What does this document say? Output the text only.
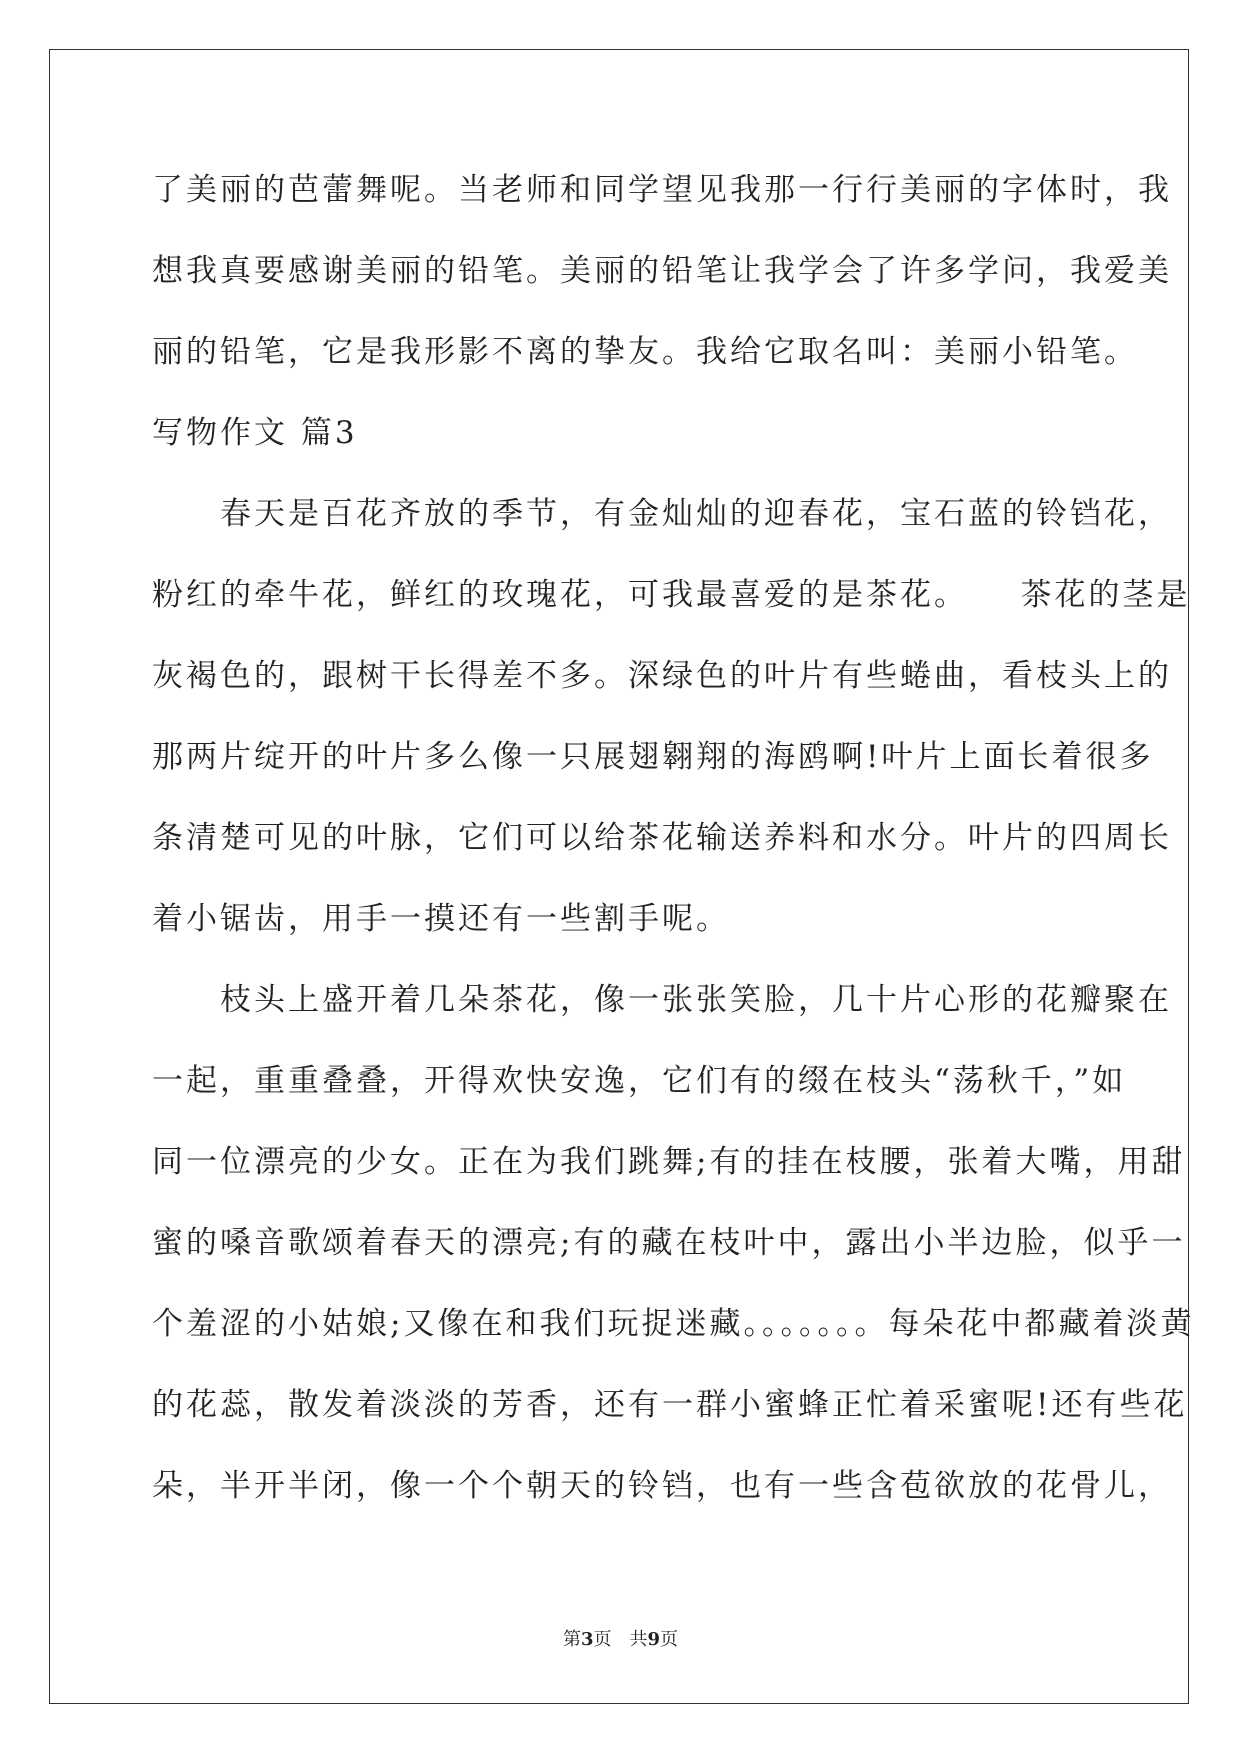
了美丽的芭蕾舞呢。当老师和同学望见我那一行行美丽的字体时，我
想我真要感谢美丽的铅笔。美丽的铅笔让我学会了许多学问，我爱美
丽的铅笔，它是我形影不离的挚友。我给它取名叫：美丽小铅笔。
写物作文 篇3
　　春天是百花齐放的季节，有金灿灿的迎春花，宝石蓝的铃铛花，
粉红的牵牛花，鲜红的玫瑰花，可我最喜爱的是茶花。　　茶花的茎是
灰褐色的，跟树干长得差不多。深绿色的叶片有些蜷曲，看枝头上的
那两片绽开的叶片多么像一只展翅翱翔的海鸥啊!叶片上面长着很多
条清楚可见的叶脉，它们可以给茶花输送养料和水分。叶片的四周长
着小锯齿，用手一摸还有一些割手呢。
　　枝头上盛开着几朵茶花，像一张张笑脸，几十片心形的花瓣聚在
一起，重重叠叠，开得欢快安逸，它们有的缀在枝头“荡秋千，”如
同一位漂亮的少女。正在为我们跳舞;有的挂在枝腰，张着大嘴，用甜
蜜的嗓音歌颂着春天的漂亮;有的藏在枝叶中，露出小半边脸，似乎一
个羞涩的小姑娘;又像在和我们玩捉迷藏。。。。。。。每朵花中都藏着淡黄
的花蕊，散发着淡淡的芳香，还有一群小蜜蜂正忙着采蜜呢!还有些花
朵，半开半闭，像一个个朝天的铃铛，也有一些含苞欲放的花骨儿，
第3页　共9页
